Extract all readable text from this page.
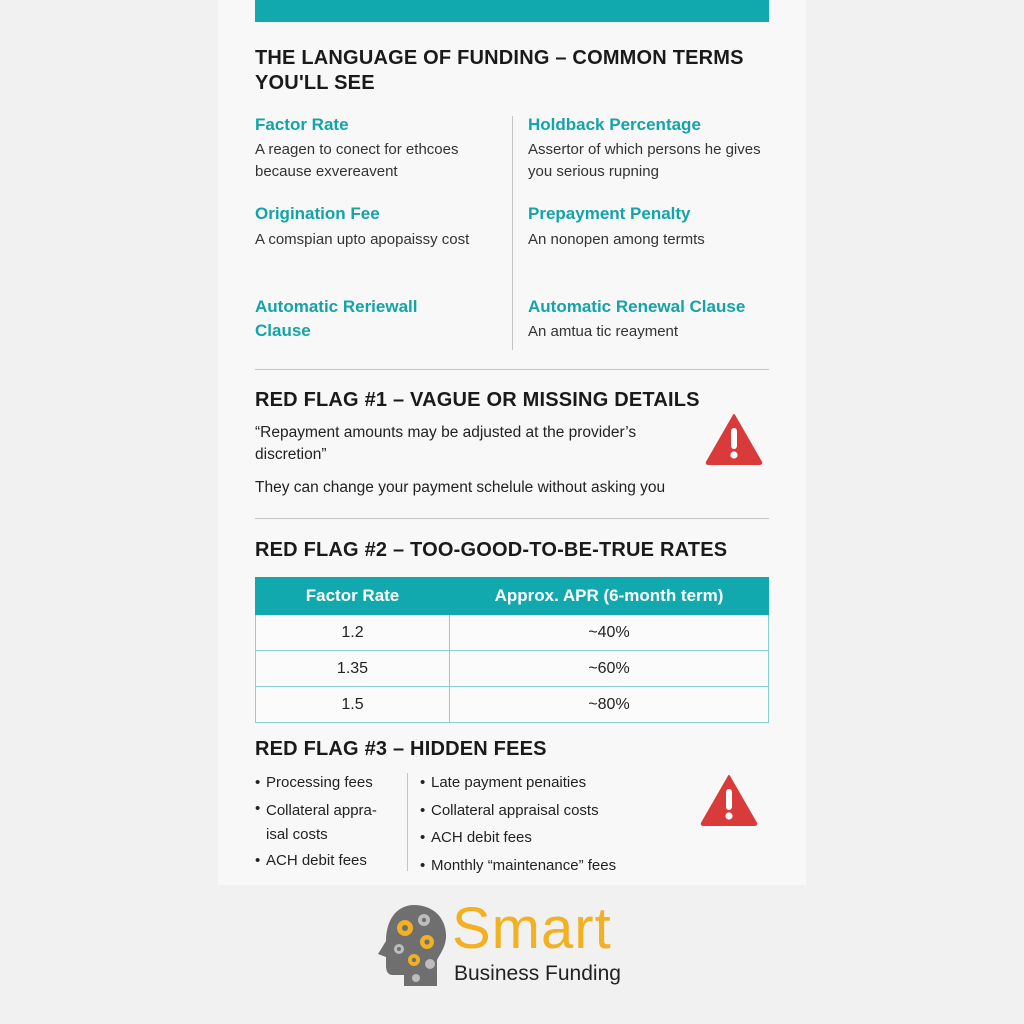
THE LANGUAGE OF FUNDING – COMMON TERMS YOU'LL SEE
Factor Rate
A reagen to conect for ethcoes because exvereavent
Holdback Percentage
Assertor of which persons he gives you serious rupning
Origination Fee
A comspian upto apopaissy cost
Prepayment Penalty
An nonopen among termts
Automatic Reriewall Clause
Automatic Renewal Clause
An amtua tic reayment
RED FLAG #1 – VAGUE OR MISSING DETAILS
“Repayment amounts may be adjusted at the provider’s discretion”
They can change your payment schelule without asking you
RED FLAG #2 – TOO-GOOD-TO-BE-TRUE RATES
Factor Rate	Approx. APR (6-month term)
1.2	~40%
1.35	~60%
1.5	~80%
RED FLAG #3 – HIDDEN FEES
• Processing fees
• Collateral appra-isal costs
• ACH debit fees
• Late payment penaities
• Collateral appraisal costs
• ACH debit fees
• Monthly “maintenance” fees
Smart
Business Funding
